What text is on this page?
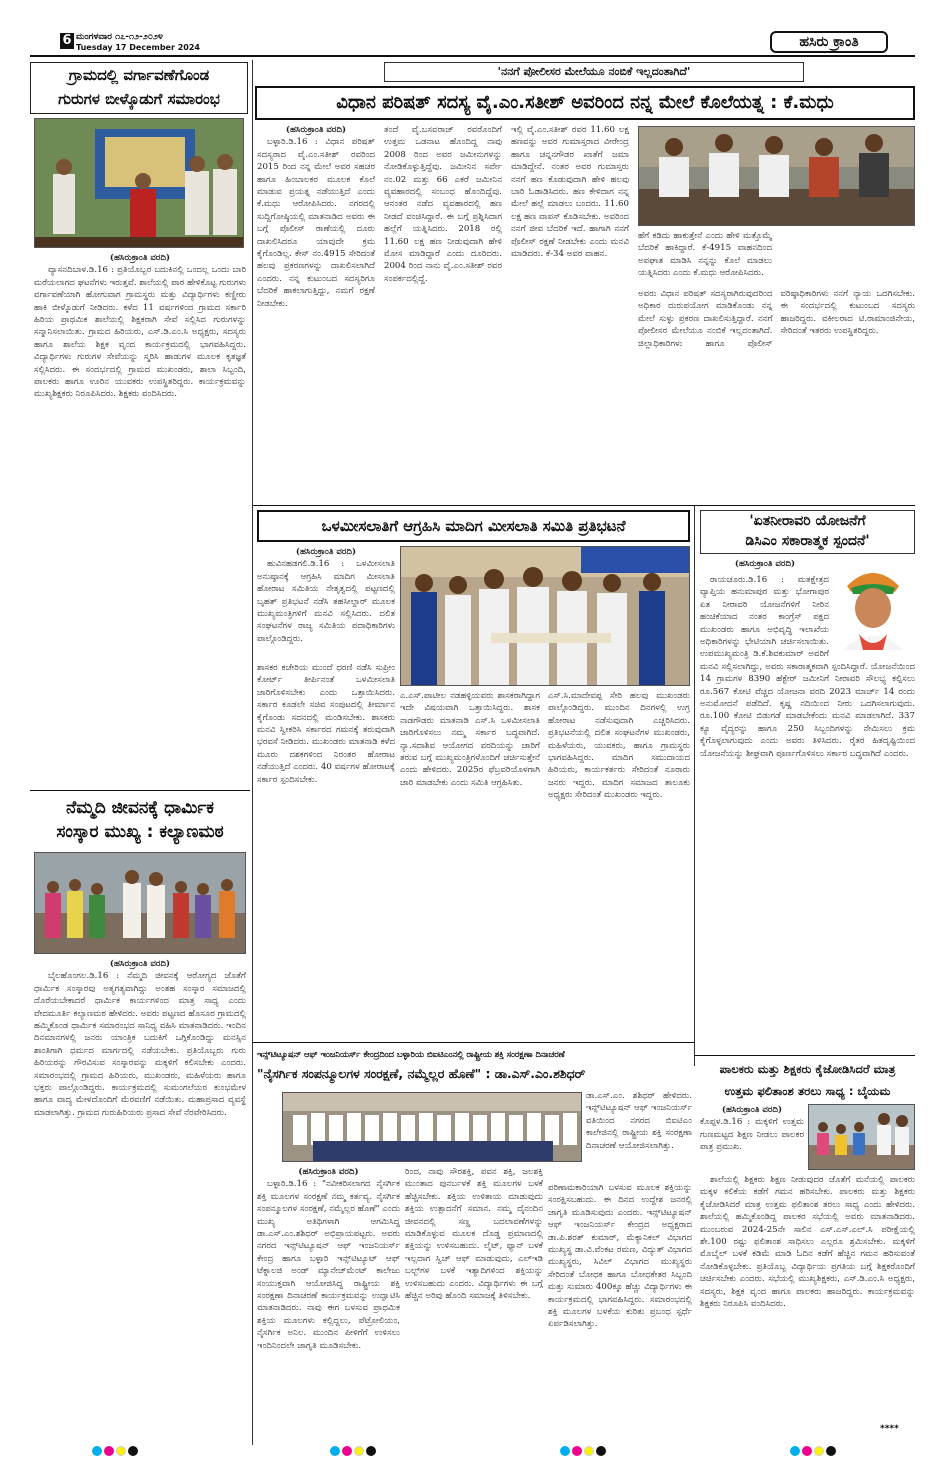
6 ಮಂಗಳವಾರ ೧೭-೧೨-೨೦೨೪
Tuesday 17 December 2024	ಹಸಿರು ಕ್ರಾಂತಿ
ಗ್ರಾಮದಲ್ಲಿ ವರ್ಗಾವಣೆಗೊಂಡ
ಗುರುಗಳ ಬೀಳ್ಕೊಡುಗೆ ಸಮಾರಂಭ
(ಹಸಿರುಕ್ರಾಂತಿ ವರದಿ)
ವ್ಯಾಸನದಿಬಾಳ.ಡಿ.16 : ಪ್ರತಿಯೊಬ್ಬರ ಬದುಕಿನಲ್ಲಿ ಒಂದಲ್ಲ ಒಂದು ಬಾರಿ ಮರೆಯಲಾಗದ ಘಟನೆಗಳು ಇರುತ್ತವೆ. ಶಾಲೆಯಲ್ಲಿ ಪಾಠ ಹೇಳಿಕೊಟ್ಟ ಗುರುಗಳು ವರ್ಗಾವಣೆಯಾಗಿ ಹೋಗುವಾಗ ಗ್ರಾಮಸ್ಥರು ಮತ್ತು ವಿದ್ಯಾರ್ಥಿಗಳು ಕಣ್ಣೀರು ಹಾಕಿ ಬೀಳ್ಕೊಡುಗೆ ನೀಡಿದರು. ಕಳೆದ 11 ವರ್ಷಗಳಿಂದ ಗ್ರಾಮದ ಸರ್ಕಾರಿ ಹಿರಿಯ ಪ್ರಾಥಮಿಕ ಶಾಲೆಯಲ್ಲಿ ಶಿಕ್ಷಕರಾಗಿ ಸೇವೆ ಸಲ್ಲಿಸಿದ ಗುರುಗಳನ್ನು ಸನ್ಮಾನಿಸಲಾಯಿತು. ಗ್ರಾಮದ ಹಿರಿಯರು, ಎಸ್.ಡಿ.ಎಂ.ಸಿ ಅಧ್ಯಕ್ಷರು, ಸದಸ್ಯರು ಹಾಗೂ ಶಾಲೆಯ ಶಿಕ್ಷಕ ವೃಂದ ಕಾರ್ಯಕ್ರಮದಲ್ಲಿ ಭಾಗವಹಿಸಿದ್ದರು. ವಿದ್ಯಾರ್ಥಿಗಳು ಗುರುಗಳ ಸೇವೆಯನ್ನು ಸ್ಮರಿಸಿ ಹಾಡುಗಳ ಮೂಲಕ ಕೃತಜ್ಞತೆ ಸಲ್ಲಿಸಿದರು. ಈ ಸಂದರ್ಭದಲ್ಲಿ ಗ್ರಾಮದ ಮುಖಂಡರು, ಶಾಲಾ ಸಿಬ್ಬಂದಿ, ಪಾಲಕರು ಹಾಗೂ ಊರಿನ ಯುವಕರು ಉಪಸ್ಥಿತರಿದ್ದರು. ಕಾರ್ಯಕ್ರಮವನ್ನು ಮುಖ್ಯಶಿಕ್ಷಕರು ನಿರೂಪಿಸಿದರು. ಶಿಕ್ಷಕರು ವಂದಿಸಿದರು.
ನೆಮ್ಮದಿ ಜೀವನಕ್ಕೆ ಧಾರ್ಮಿಕ
ಸಂಸ್ಕಾರ ಮುಖ್ಯ : ಕಲ್ಯಾಣಮಠ
(ಹಸಿರುಕ್ರಾಂತಿ ವರದಿ)
ಬೈಲಹೊಂಗಲ.ಡಿ.16 : ನೆಮ್ಮದಿ ಜೀವನಕ್ಕೆ ಆರೋಗ್ಯದ ಜೊತೆಗೆ ಧಾರ್ಮಿಕ ಸಂಸ್ಕಾರವು ಅತ್ಯಗತ್ಯವಾಗಿದ್ದು ಅಂತಹ ಸಂಸ್ಕಾರ ಸಮಾಜದಲ್ಲಿ ದೊರೆಯಬೇಕಾದರೆ ಧಾರ್ಮಿಕ ಕಾರ್ಯಗಳಿಂದ ಮಾತ್ರ ಸಾಧ್ಯ ಎಂದು ವೇದಮೂರ್ತಿ ಕಲ್ಯಾಣಮಠ ಹೇಳಿದರು. ಅವರು ಪಟ್ಟಣದ ಹೊಸೂರ ಗ್ರಾಮದಲ್ಲಿ ಹಮ್ಮಿಕೊಂಡ ಧಾರ್ಮಿಕ ಸಮಾರಂಭದ ಸಾನಿಧ್ಯ ವಹಿಸಿ ಮಾತನಾಡಿದರು. ಇಂದಿನ ದಿನಮಾನಗಳಲ್ಲಿ ಜನರು ಯಾಂತ್ರಿಕ ಬದುಕಿಗೆ ಒಗ್ಗಿಕೊಂಡಿದ್ದು ಮನಸ್ಸಿನ ಶಾಂತಿಗಾಗಿ ಧರ್ಮದ ಮಾರ್ಗದಲ್ಲಿ ನಡೆಯಬೇಕು. ಪ್ರತಿಯೊಬ್ಬರು ಗುರು ಹಿರಿಯರನ್ನು ಗೌರವಿಸುವ ಸಂಸ್ಕಾರವನ್ನು ಮಕ್ಕಳಿಗೆ ಕಲಿಸಬೇಕು ಎಂದರು. ಸಮಾರಂಭದಲ್ಲಿ ಗ್ರಾಮದ ಹಿರಿಯರು, ಮುಖಂಡರು, ಮಹಿಳೆಯರು ಹಾಗೂ ಭಕ್ತರು ಪಾಲ್ಗೊಂಡಿದ್ದರು. ಕಾರ್ಯಕ್ರಮದಲ್ಲಿ ಸುಮಂಗಲೆಯರ ಕುಂಭಮೇಳ ಹಾಗೂ ವಾದ್ಯ ಮೇಳದೊಂದಿಗೆ ಮೆರವಣಿಗೆ ನಡೆಯಿತು. ಮಹಾಪ್ರಸಾದ ವ್ಯವಸ್ಥೆ ಮಾಡಲಾಗಿತ್ತು. ಗ್ರಾಮದ ಗುರುಹಿರಿಯರು ಪ್ರಸಾದ ಸೇವೆ ನೆರವೇರಿಸಿದರು.
'ನನಗೆ ಪೋಲೀಸರ ಮೇಲೆಯೂ ನಂಬಿಕೆ ಇಲ್ಲದಂತಾಗಿದೆ'
ವಿಧಾನ ಪರಿಷತ್ ಸದಸ್ಯ ವೈ.ಎಂ.ಸತೀಶ್ ಅವರಿಂದ ನನ್ನ ಮೇಲೆ ಕೊಲೆಯತ್ನ : ಕೆ.ಮಧು
(ಹಸಿರುಕ್ರಾಂತಿ ವರದಿ)
ಬಳ್ಳಾರಿ.ಡಿ.16 : ವಿಧಾನ ಪರಿಷತ್ ಸದಸ್ಯರಾದ ವೈ.ಎಂ.ಸತೀಶ್ ರವರಿಂದ 2015 ರಿಂದ ನನ್ನ ಮೇಲೆ ಅವರ ಸಹಚರ ಹಾಗೂ ಹಿಂಬಾಲಕರ ಮೂಲಕ ಕೊಲೆ ಮಾಡುವ ಪ್ರಯತ್ನ ನಡೆಯುತ್ತಿದೆ ಎಂದು ಕೆ.ಮಧು ಆರೋಪಿಸಿದರು. ನಗರದಲ್ಲಿ ಸುದ್ದಿಗೋಷ್ಠಿಯಲ್ಲಿ ಮಾತನಾಡಿದ ಅವರು ಈ ಬಗ್ಗೆ ಪೊಲೀಸ್ ಠಾಣೆಯಲ್ಲಿ ದೂರು ದಾಖಲಿಸಿದರೂ ಯಾವುದೇ ಕ್ರಮ ಕೈಗೊಂಡಿಲ್ಲ. ಕೇಸ್ ನಂ.4915 ಸೇರಿದಂತೆ ಹಲವು ಪ್ರಕರಣಗಳನ್ನು ದಾಖಲಿಸಲಾಗಿದೆ ಎಂದರು. ನನ್ನ ಕುಟುಂಬದ ಸದಸ್ಯರಿಗೂ ಬೆದರಿಕೆ ಹಾಕಲಾಗುತ್ತಿದ್ದು, ನಮಗೆ ರಕ್ಷಣೆ ನೀಡಬೇಕು.
ತಂದೆ ವೈ.ಬಸವರಾಜ್ ರವರೊಂದಿಗೆ ಉತ್ತಮ ಒಡನಾಟ ಹೊಂದಿದ್ದ ನಾವು 2008 ರಿಂದ ಅವರ ಜಮೀನುಗಳನ್ನು ನೋಡಿಕೊಳ್ಳುತ್ತಿದ್ದೆವು. ಜಮೀನಿನ ಸರ್ವೇ ನಂ.02 ಮತ್ತು 66 ಎಕರೆ ಜಮೀನಿನ ವ್ಯವಹಾರದಲ್ಲಿ ಸಂಬಂಧ ಹೊಂದಿದ್ದೆವು. ಆನಂತರ ನಡೆದ ವ್ಯವಹಾರದಲ್ಲಿ ಹಣ ನೀಡದೆ ವಂಚಿಸಿದ್ದಾರೆ. ಈ ಬಗ್ಗೆ ಪ್ರಶ್ನಿಸಿದಾಗ ಹಲ್ಲೆಗೆ ಯತ್ನಿಸಿದರು. 2018 ರಲ್ಲಿ 11.60 ಲಕ್ಷ ಹಣ ನೀಡುವುದಾಗಿ ಹೇಳಿ ಮೋಸ ಮಾಡಿದ್ದಾರೆ ಎಂದು ದೂರಿದರು. 2004 ರಿಂದ ನಾನು ವೈ.ಎಂ.ಸತೀಶ್ ರವರ ಸಂಪರ್ಕದಲ್ಲಿದ್ದೆ.
ಇಲ್ಲಿ ವೈ.ಎಂ.ಸತೀಶ್ ರವರ 11.60 ಲಕ್ಷ ಹಣವನ್ನು ಅವರ ಗುಮಾಸ್ತರಾದ ವೀರೇಂದ್ರ ಹಾಗೂ ಚನ್ನನಗೌಡರ ಖಾತೆಗೆ ಜಮಾ ಮಾಡಿದ್ದೇನೆ. ನಂತರ ಅವರ ಗುಮಾಸ್ತರು ನನಗೆ ಹಣ ಕೊಡುವುದಾಗಿ ಹೇಳಿ ಹಲವು ಬಾರಿ ಓಡಾಡಿಸಿದರು. ಹಣ ಕೇಳಿದಾಗ ನನ್ನ ಮೇಲೆ ಹಲ್ಲೆ ಮಾಡಲು ಬಂದರು. 11.60 ಲಕ್ಷ ಹಣ ವಾಪಸ್ ಕೊಡಿಸಬೇಕು. ಅವರಿಂದ ನನಗೆ ಜೀವ ಬೆದರಿಕೆ ಇದೆ. ಹಾಗಾಗಿ ನನಗೆ ಪೊಲೀಸ್ ರಕ್ಷಣೆ ನೀಡಬೇಕು ಎಂದು ಮನವಿ ಮಾಡಿದರು. ಕೆ-34 ಅವರ ವಾಹನ.
ಹೆಗೆ ಕಡಿದು ಹಾಕುತ್ತೇನೆ ಎಂದು ಹೇಳಿ ಮತ್ತೊಮ್ಮೆ ಬೆದರಿಕೆ ಹಾಕಿದ್ದಾರೆ. ಕೆ-4915 ವಾಹನದಿಂದ ಅಪಘಾತ ಮಾಡಿಸಿ ನನ್ನನ್ನು ಕೊಲೆ ಮಾಡಲು ಯತ್ನಿಸಿದರು ಎಂದು ಕೆ.ಮಧು ಆರೋಪಿಸಿದರು.
ಅವರು ವಿಧಾನ ಪರಿಷತ್ ಸದಸ್ಯರಾಗಿರುವುದರಿಂದ ಅಧಿಕಾರ ದುರುಪಯೋಗ ಮಾಡಿಕೊಂಡು ನನ್ನ ಮೇಲೆ ಸುಳ್ಳು ಪ್ರಕರಣ ದಾಖಲಿಸುತ್ತಿದ್ದಾರೆ. ನನಗೆ ಪೋಲೀಸರ ಮೇಲೆಯೂ ನಂಬಿಕೆ ಇಲ್ಲದಂತಾಗಿದೆ. ಜಿಲ್ಲಾಧಿಕಾರಿಗಳು ಹಾಗೂ ಪೊಲೀಸ್ ವರಿಷ್ಠಾಧಿಕಾರಿಗಳು ನನಗೆ ನ್ಯಾಯ ಒದಗಿಸಬೇಕು. ಈ ಸಂದರ್ಭದಲ್ಲಿ ಕುಟುಂಬದ ಸದಸ್ಯರು ಹಾಜರಿದ್ದರು. ವಕೀಲರಾದ ಟಿ.ರಾಮಾಂಜಿನೇಯ, ಸೇರಿದಂತೆ ಇತರರು ಉಪಸ್ಥಿತರಿದ್ದರು.
ಒಳಮೀಸಲಾತಿಗೆ ಆಗ್ರಹಿಸಿ ಮಾದಿಗ ಮೀಸಲಾತಿ ಸಮಿತಿ ಪ್ರತಿಭಟನೆ
(ಹಸಿರುಕ್ರಾಂತಿ ವರದಿ)
ಹುವಿನಹಡಗಲಿ.ಡಿ.16 : ಒಳಮೀಸಲಾತಿ ಅನುಷ್ಠಾನಕ್ಕೆ ಆಗ್ರಹಿಸಿ ಮಾದಿಗ ಮೀಸಲಾತಿ ಹೋರಾಟ ಸಮಿತಿಯ ನೇತೃತ್ವದಲ್ಲಿ ಪಟ್ಟಣದಲ್ಲಿ ಬೃಹತ್ ಪ್ರತಿಭಟನೆ ನಡೆಸಿ ತಹಸೀಲ್ದಾರ್ ಮೂಲಕ ಮುಖ್ಯಮಂತ್ರಿಗಳಿಗೆ ಮನವಿ ಸಲ್ಲಿಸಿದರು. ದಲಿತ ಸಂಘಟನೆಗಳ ರಾಜ್ಯ ಸಮಿತಿಯ ಪದಾಧಿಕಾರಿಗಳು ಪಾಲ್ಗೊಂಡಿದ್ದರು.
ಶಾಸಕರ ಕಚೇರಿಯ ಮುಂದೆ ಧರಣಿ ನಡೆಸಿ ಸುಪ್ರೀಂ ಕೋರ್ಟ್ ತೀರ್ಪಿನಂತೆ ಒಳಮೀಸಲಾತಿ ಜಾರಿಗೊಳಿಸಬೇಕು ಎಂದು ಒತ್ತಾಯಿಸಿದರು. ಸರ್ಕಾರ ಕೂಡಲೇ ಸಚಿವ ಸಂಪುಟದಲ್ಲಿ ತೀರ್ಮಾನ ಕೈಗೊಂಡು ಸದನದಲ್ಲಿ ಮಂಡಿಸಬೇಕು. ಶಾಸಕರು ಮನವಿ ಸ್ವೀಕರಿಸಿ ಸರ್ಕಾರದ ಗಮನಕ್ಕೆ ತರುವುದಾಗಿ ಭರವಸೆ ನೀಡಿದರು. ಮುಖಂಡರು ಮಾತನಾಡಿ ಕಳೆದ ಮೂರು ದಶಕಗಳಿಂದ ನಿರಂತರ ಹೋರಾಟ ನಡೆಯುತ್ತಿದೆ ಎಂದರು. 40 ವರ್ಷಗಳ ಹೋರಾಟಕ್ಕೆ ಸರ್ಕಾರ ಸ್ಪಂದಿಸಬೇಕು.
ಎ.ಎಸ್.ಪಾಟೀಲ ನಡಹಳ್ಳಿಯವರು ಶಾಸಕರಾಗಿದ್ದಾಗ ಇದೇ ವಿಷಯವಾಗಿ ಒತ್ತಾಯಿಸಿದ್ದರು. ಶಾಸಕ ನಾಡಗೌಡರು ಮಾತನಾಡಿ ಎಸ್.ಸಿ ಒಳಮೀಸಲಾತಿ ಜಾರಿಗೊಳಿಸಲು ನಮ್ಮ ಸರ್ಕಾರ ಬದ್ಧವಾಗಿದೆ. ನ್ಯಾ.ಸದಾಶಿವ ಆಯೋಗದ ವರದಿಯನ್ನು ಜಾರಿಗೆ ತರುವ ಬಗ್ಗೆ ಮುಖ್ಯಮಂತ್ರಿಗಳೊಂದಿಗೆ ಚರ್ಚಿಸುತ್ತೇನೆ ಎಂದು ಹೇಳಿದರು. 2025ರ ಫೆಬ್ರವರಿಯೊಳಗಾಗಿ ಜಾರಿ ಮಾಡಬೇಕು ಎಂದು ಸಮಿತಿ ಆಗ್ರಹಿಸಿತು.
ಎಸ್.ಸಿ.ಮಾದೇವಪ್ಪ ಸೇರಿ ಹಲವು ಮುಖಂಡರು ಪಾಲ್ಗೊಂಡಿದ್ದರು. ಮುಂದಿನ ದಿನಗಳಲ್ಲಿ ಉಗ್ರ ಹೋರಾಟ ನಡೆಸುವುದಾಗಿ ಎಚ್ಚರಿಸಿದರು. ಪ್ರತಿಭಟನೆಯಲ್ಲಿ ದಲಿತ ಸಂಘಟನೆಗಳ ಮುಖಂಡರು, ಮಹಿಳೆಯರು, ಯುವಕರು, ಹಾಗೂ ಗ್ರಾಮಸ್ಥರು ಭಾಗವಹಿಸಿದ್ದರು. ಮಾದಿಗ ಸಮುದಾಯದ ಹಿರಿಯರು, ಕಾರ್ಯಕರ್ತರು ಸೇರಿದಂತೆ ನೂರಾರು ಜನರು ಇದ್ದರು. ಮಾದಿಗ ಸಮಾಜದ ತಾಲೂಕು ಅಧ್ಯಕ್ಷರು ಸೇರಿದಂತೆ ಮುಖಂಡರು ಇದ್ದರು.
'ಏತನೀರಾವರಿ ಯೋಜನೆಗೆ
ಡಿಸಿಎಂ ಸಕಾರಾತ್ಮಕ ಸ್ಪಂದನೆ'
(ಹಸಿರುಕ್ರಾಂತಿ ವರದಿ)
ರಾಯಚೂರು.ಡಿ.16 : ಮತಕ್ಷೇತ್ರದ ವ್ಯಾಪ್ತಿಯ ಹನುಮಾಪುರ ಮತ್ತು ಭೋಗಾಪುರ ಏತ ನೀರಾವರಿ ಯೋಜನೆಗಳಿಗೆ ನೀರಿನ ಹಂಚಿಕೆಯಾದ ನಂತರ ಕಾಂಗ್ರೆಸ್ ಪಕ್ಷದ ಮುಖಂಡರು ಹಾಗೂ ಅಭಿವೃದ್ಧಿ ಇಲಾಖೆಯ ಅಧಿಕಾರಿಗಳನ್ನು ಭೇಟಿಯಾಗಿ ಚರ್ಚಿಸಲಾಯಿತು. ಉಪಮುಖ್ಯಮಂತ್ರಿ ಡಿ.ಕೆ.ಶಿವಕುಮಾರ್ ಅವರಿಗೆ ಮನವಿ ಸಲ್ಲಿಸಲಾಗಿದ್ದು, ಅವರು ಸಕಾರಾತ್ಮಕವಾಗಿ ಸ್ಪಂದಿಸಿದ್ದಾರೆ. ಯೋಜನೆಯಿಂದ 14 ಗ್ರಾಮಗಳ 8390 ಹೆಕ್ಟೇರ್ ಜಮೀನಿಗೆ ನೀರಾವರಿ ಸೌಲಭ್ಯ ಕಲ್ಪಿಸಲು ರೂ.567 ಕೋಟಿ ವೆಚ್ಚದ ಯೋಜನಾ ವರದಿ 2023 ಮಾರ್ಚ್ 14 ರಂದು ಅನುಮೋದನೆ ಪಡೆದಿದೆ. ಕೃಷ್ಣ ನದಿಯಿಂದ ನೀರು ಒದಗಿಸಲಾಗುವುದು. ರೂ.100 ಕೋಟಿ ಬಿಡುಗಡೆ ಮಾಡಬೇಕೆಂದು ಮನವಿ ಮಾಡಲಾಗಿದೆ. 337 ಕ್ಯೂ ವೈದ್ಯರನ್ನು ಹಾಗೂ 250 ಸಿಬ್ಬಂದಿಗಳನ್ನು ನೇಮಿಸಲು ಕ್ರಮ ಕೈಗೊಳ್ಳಲಾಗುವುದು ಎಂದು ಅವರು ತಿಳಿಸಿದರು. ರೈತರ ಹಿತದೃಷ್ಟಿಯಿಂದ ಯೋಜನೆಯನ್ನು ಶೀಘ್ರವಾಗಿ ಪೂರ್ಣಗೊಳಿಸಲು ಸರ್ಕಾರ ಬದ್ಧವಾಗಿದೆ ಎಂದರು.
ಇನ್ಸ್‌ಟಿಟ್ಯೂಷನ್ ಆಫ್ ಇಂಜನಿಯರ್ಸ್ ಕೇಂದ್ರದಿಂದ ಬಳ್ಳಾರಿಯ ಬಿಐಟಿಎಂನಲ್ಲಿ ರಾಷ್ಟ್ರೀಯ ಶಕ್ತಿ ಸಂರಕ್ಷಣಾ ದಿನಾಚರಣೆ
"ನೈಸರ್ಗಿಕ ಸಂಪನ್ಮೂಲಗಳ ಸಂರಕ್ಷಣೆ, ನಮ್ಮೆಲ್ಲರ ಹೊಣೆ" : ಡಾ.ಎಸ್.ಎಂ.ಶಶಿಧರ್
ಡಾ.ಎಸ್.ಎಂ. ಶಶಿಧರ್ ಹೇಳಿದರು. ಇನ್ಸ್‌ಟಿಟ್ಯೂಷನ್ ಆಫ್ ಇಂಜನಿಯರ್ಸ್ ವತಿಯಿಂದ ನಗರದ ಬಿಐಟಿಎಂ ಕಾಲೇಜಿನಲ್ಲಿ ರಾಷ್ಟ್ರೀಯ ಶಕ್ತಿ ಸಂರಕ್ಷಣಾ ದಿನಾಚರಣೆ ಆಯೋಜಿಸಲಾಗಿತ್ತು.
(ಹಸಿರುಕ್ರಾಂತಿ ವರದಿ)
ಬಳ್ಳಾರಿ.ಡಿ.16 : "ನವೀಕರಿಸಲಾಗದ ನೈಸರ್ಗಿಕ ಶಕ್ತಿ ಮೂಲಗಳ ಸಂರಕ್ಷಣೆ ನಮ್ಮ ಕರ್ತವ್ಯ. ನೈಸರ್ಗಿಕ ಸಂಪನ್ಮೂಲಗಳ ಸಂರಕ್ಷಣೆ, ನಮ್ಮೆಲ್ಲರ ಹೊಣೆ" ಎಂದು ಮುಖ್ಯ ಅತಿಥಿಗಳಾಗಿ ಆಗಮಿಸಿದ್ದ ಡಾ.ಎಸ್.ಎಂ.ಶಶಿಧರ್ ಅಭಿಪ್ರಾಯಪಟ್ಟರು. ಅವರು ನಗರದ ಇನ್ಸ್‌ಟಿಟ್ಯೂಷನ್ ಆಫ್ ಇಂಜನಿಯರ್ಸ್ ಕೇಂದ್ರ ಹಾಗೂ ಬಳ್ಳಾರಿ ಇನ್ಸ್‌ಟಿಟ್ಯೂಟ್ ಆಫ್ ಟೆಕ್ನಾಲಜಿ ಅಂಡ್ ಮ್ಯಾನೇಜ್‌ಮೆಂಟ್ ಕಾಲೇಜು ಸಂಯುಕ್ತವಾಗಿ ಆಯೋಜಿಸಿದ್ದ ರಾಷ್ಟ್ರೀಯ ಶಕ್ತಿ ಸಂರಕ್ಷಣಾ ದಿನಾಚರಣೆ ಕಾರ್ಯಕ್ರಮವನ್ನು ಉದ್ಘಾಟಿಸಿ ಮಾತನಾಡಿದರು. ನಾವು ಈಗ ಬಳಸುವ ಪ್ರಾಥಮಿಕ ಶಕ್ತಿಯ ಮೂಲಗಳು ಕಲ್ಲಿದ್ದಲು, ಪೆಟ್ರೋಲಿಯಂ, ನೈಸರ್ಗಿಕ ಅನಿಲ. ಮುಂದಿನ ಪೀಳಿಗೆಗೆ ಉಳಿಸಲು ಇಂದಿನಿಂದಲೇ ಜಾಗೃತಿ ಮೂಡಿಸಬೇಕು.
ರಿಂದ, ನಾವು ಸೌರಶಕ್ತಿ, ಪವನ ಶಕ್ತಿ, ಜಲಶಕ್ತಿ ಮುಂತಾದ ಪುನರ್ಬಳಕೆ ಶಕ್ತಿ ಮೂಲಗಳ ಬಳಕೆ ಹೆಚ್ಚಿಸಬೇಕು. ಶಕ್ತಿಯ ಉಳಿತಾಯ ಮಾಡುವುದು ಶಕ್ತಿಯ ಉತ್ಪಾದನೆಗೆ ಸಮಾನ. ನಮ್ಮ ದೈನಂದಿನ ಜೀವನದಲ್ಲಿ ಸಣ್ಣ ಬದಲಾವಣೆಗಳನ್ನು ಮಾಡಿಕೊಳ್ಳುವ ಮೂಲಕ ದೊಡ್ಡ ಪ್ರಮಾಣದಲ್ಲಿ ಶಕ್ತಿಯನ್ನು ಉಳಿಸಬಹುದು. ಲೈಟ್, ಫ್ಯಾನ್ ಬಳಕೆ ಇಲ್ಲದಾಗ ಸ್ವಿಚ್ ಆಫ್ ಮಾಡುವುದು, ಎಲ್‌ಇಡಿ ಬಲ್ಬ್‌ಗಳ ಬಳಕೆ ಇತ್ಯಾದಿಗಳಿಂದ ಶಕ್ತಿಯನ್ನು ಉಳಿಸಬಹುದು ಎಂದರು. ವಿದ್ಯಾರ್ಥಿಗಳು ಈ ಬಗ್ಗೆ ಹೆಚ್ಚಿನ ಅರಿವು ಹೊಂದಿ ಸಮಾಜಕ್ಕೆ ತಿಳಿಸಬೇಕು.
ಪರಿಣಾಮಕಾರಿಯಾಗಿ ಬಳಸುವ ಮೂಲಕ ಶಕ್ತಿಯನ್ನು ಸಂರಕ್ಷಿಸಬಹುದು. ಈ ದಿನದ ಉದ್ದೇಶ ಜನರಲ್ಲಿ ಜಾಗೃತಿ ಮೂಡಿಸುವುದು ಎಂದರು. ಇನ್ಸ್‌ಟಿಟ್ಯೂಷನ್ ಆಫ್ ಇಂಜನಿಯರ್ಸ್ ಕೇಂದ್ರದ ಅಧ್ಯಕ್ಷರಾದ ಡಾ.ಪಿ.ಶರತ್ ಕುಮಾರ್, ಮೆಕ್ಯಾನಿಕಲ್ ವಿಭಾಗದ ಮುಖ್ಯಸ್ಥ ಡಾ.ವಿ.ವೆಂಕಟ ರಮಣ, ವಿದ್ಯುತ್ ವಿಭಾಗದ ಮುಖ್ಯಸ್ಥರು, ಸಿವಿಲ್ ವಿಭಾಗದ ಮುಖ್ಯಸ್ಥರು ಸೇರಿದಂತೆ ಬೋಧಕ ಹಾಗೂ ಬೋಧಕೇತರ ಸಿಬ್ಬಂದಿ ಮತ್ತು ಸುಮಾರು 400ಕ್ಕೂ ಹೆಚ್ಚು ವಿದ್ಯಾರ್ಥಿಗಳು ಈ ಕಾರ್ಯಕ್ರಮದಲ್ಲಿ ಭಾಗವಹಿಸಿದ್ದರು. ಸಮಾರಂಭದಲ್ಲಿ ಶಕ್ತಿ ಮೂಲಗಳ ಬಳಕೆಯ ಕುರಿತು ಪ್ರಬಂಧ ಸ್ಪರ್ಧೆ ಏರ್ಪಡಿಸಲಾಗಿತ್ತು.
ಪಾಲಕರು ಮತ್ತು ಶಿಕ್ಷಕರು ಕೈಜೋಡಿಸಿದರೆ ಮಾತ್ರ
ಉತ್ತಮ ಫಲಿತಾಂಶ ತರಲು ಸಾಧ್ಯ : ಬೈಯಮ
(ಹಸಿರುಕ್ರಾಂತಿ ವರದಿ)
ಕೊಪ್ಪಳ.ಡಿ.16 : ಮಕ್ಕಳಿಗೆ ಉತ್ತಮ ಗುಣಮಟ್ಟದ ಶಿಕ್ಷಣ ನೀಡಲು ಪಾಲಕರ ಪಾತ್ರ ಪ್ರಮುಖ.
ಶಾಲೆಯಲ್ಲಿ ಶಿಕ್ಷಕರು ಶಿಕ್ಷಣ ನೀಡುವುದರ ಜೊತೆಗೆ ಮನೆಯಲ್ಲಿ ಪಾಲಕರು ಮಕ್ಕಳ ಕಲಿಕೆಯ ಕಡೆಗೆ ಗಮನ ಹರಿಸಬೇಕು. ಪಾಲಕರು ಮತ್ತು ಶಿಕ್ಷಕರು ಕೈಜೋಡಿಸಿದರೆ ಮಾತ್ರ ಉತ್ತಮ ಫಲಿತಾಂಶ ತರಲು ಸಾಧ್ಯ ಎಂದು ಹೇಳಿದರು. ಶಾಲೆಯಲ್ಲಿ ಹಮ್ಮಿಕೊಂಡಿದ್ದ ಪಾಲಕರ ಸಭೆಯಲ್ಲಿ ಅವರು ಮಾತನಾಡಿದರು. ಮುಂಬರುವ 2024-25ನೇ ಸಾಲಿನ ಎಸ್.ಎಸ್.ಎಲ್.ಸಿ ಪರೀಕ್ಷೆಯಲ್ಲಿ ಶೇ.100 ರಷ್ಟು ಫಲಿತಾಂಶ ಸಾಧಿಸಲು ಎಲ್ಲರೂ ಶ್ರಮಿಸಬೇಕು. ಮಕ್ಕಳಿಗೆ ಮೊಬೈಲ್ ಬಳಕೆ ಕಡಿಮೆ ಮಾಡಿ ಓದಿನ ಕಡೆಗೆ ಹೆಚ್ಚಿನ ಗಮನ ಹರಿಸುವಂತೆ ನೋಡಿಕೊಳ್ಳಬೇಕು. ಪ್ರತಿಯೊಬ್ಬ ವಿದ್ಯಾರ್ಥಿಯ ಪ್ರಗತಿಯ ಬಗ್ಗೆ ಶಿಕ್ಷಕರೊಂದಿಗೆ ಚರ್ಚಿಸಬೇಕು ಎಂದರು. ಸಭೆಯಲ್ಲಿ ಮುಖ್ಯಶಿಕ್ಷಕರು, ಎಸ್.ಡಿ.ಎಂ.ಸಿ ಅಧ್ಯಕ್ಷರು, ಸದಸ್ಯರು, ಶಿಕ್ಷಕ ವೃಂದ ಹಾಗೂ ಪಾಲಕರು ಹಾಜರಿದ್ದರು. ಕಾರ್ಯಕ್ರಮವನ್ನು ಶಿಕ್ಷಕರು ನಿರೂಪಿಸಿ ವಂದಿಸಿದರು.
****
